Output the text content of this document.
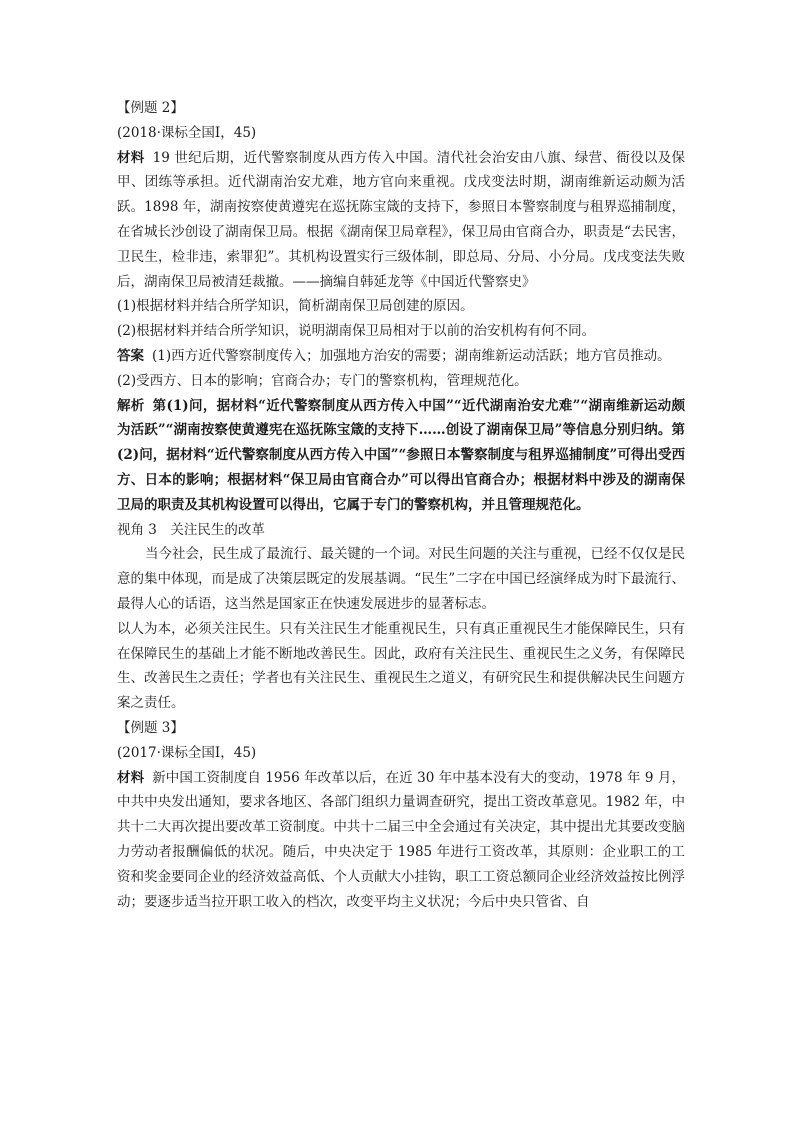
【例题 2】
(2018·课标全国Ⅰ，45)
材料 19 世纪后期，近代警察制度从西方传入中国。清代社会治安由八旗、绿营、衙役以及保甲、团练等承担。近代湖南治安尤难，地方官向来重视。戊戌变法时期，湖南维新运动颇为活跃。1898 年，湖南按察使黄遵宪在巡抚陈宝箴的支持下，参照日本警察制度与租界巡捕制度，在省城长沙创设了湖南保卫局。根据《湖南保卫局章程》，保卫局由官商合办，职责是“去民害，卫民生，检非违，索罪犯”。其机构设置实行三级体制，即总局、分局、小分局。戊戌变法失败后，湖南保卫局被清廷裁撤。——摘编自韩延龙等《中国近代警察史》
(1)根据材料并结合所学知识，简析湖南保卫局创建的原因。
(2)根据材料并结合所学知识，说明湖南保卫局相对于以前的治安机构有何不同。
答案 (1)西方近代警察制度传入；加强地方治安的需要；湖南维新运动活跃；地方官员推动。
(2)受西方、日本的影响；官商合办；专门的警察机构，管理规范化。
解析 第(1)问，据材料“近代警察制度从西方传入中国”“近代湖南治安尤难”“湖南维新运动颇为活跃”“湖南按察使黄遵宪在巡抚陈宝箴的支持下……创设了湖南保卫局”等信息分别归纳。第(2)问，据材料“近代警察制度从西方传入中国”“参照日本警察制度与租界巡捕制度”可得出受西方、日本的影响；根据材料“保卫局由官商合办”可以得出官商合办；根据材料中涉及的湖南保卫局的职责及其机构设置可以得出，它属于专门的警察机构，并且管理规范化。
视角 3　关注民生的改革
当今社会，民生成了最流行、最关键的一个词。对民生问题的关注与重视，已经不仅仅是民意的集中体现，而是成了决策层既定的发展基调。“民生”二字在中国已经演绎成为时下最流行、最得人心的话语，这当然是国家正在快速发展进步的显著标志。
以人为本，必须关注民生。只有关注民生才能重视民生，只有真正重视民生才能保障民生，只有在保障民生的基础上才能不断地改善民生。因此，政府有关注民生、重视民生之义务，有保障民生、改善民生之责任；学者也有关注民生、重视民生之道义，有研究民生和提供解决民生问题方案之责任。
【例题 3】
(2017·课标全国Ⅰ，45)
材料 新中国工资制度自 1956 年改革以后，在近 30 年中基本没有大的变动，1978 年 9 月，中共中央发出通知，要求各地区、各部门组织力量调查研究，提出工资改革意见。1982 年，中共十二大再次提出要改革工资制度。中共十二届三中全会通过有关决定，其中提出尤其要改变脑力劳动者报酬偏低的状况。随后，中央决定于 1985 年进行工资改革，其原则：企业职工的工资和奖金要同企业的经济效益高低、个人贡献大小挂钩，职工工资总额同企业经济效益按比例浮动；要逐步适当拉开职工收入的档次，改变平均主义状况；今后中央只管省、自
